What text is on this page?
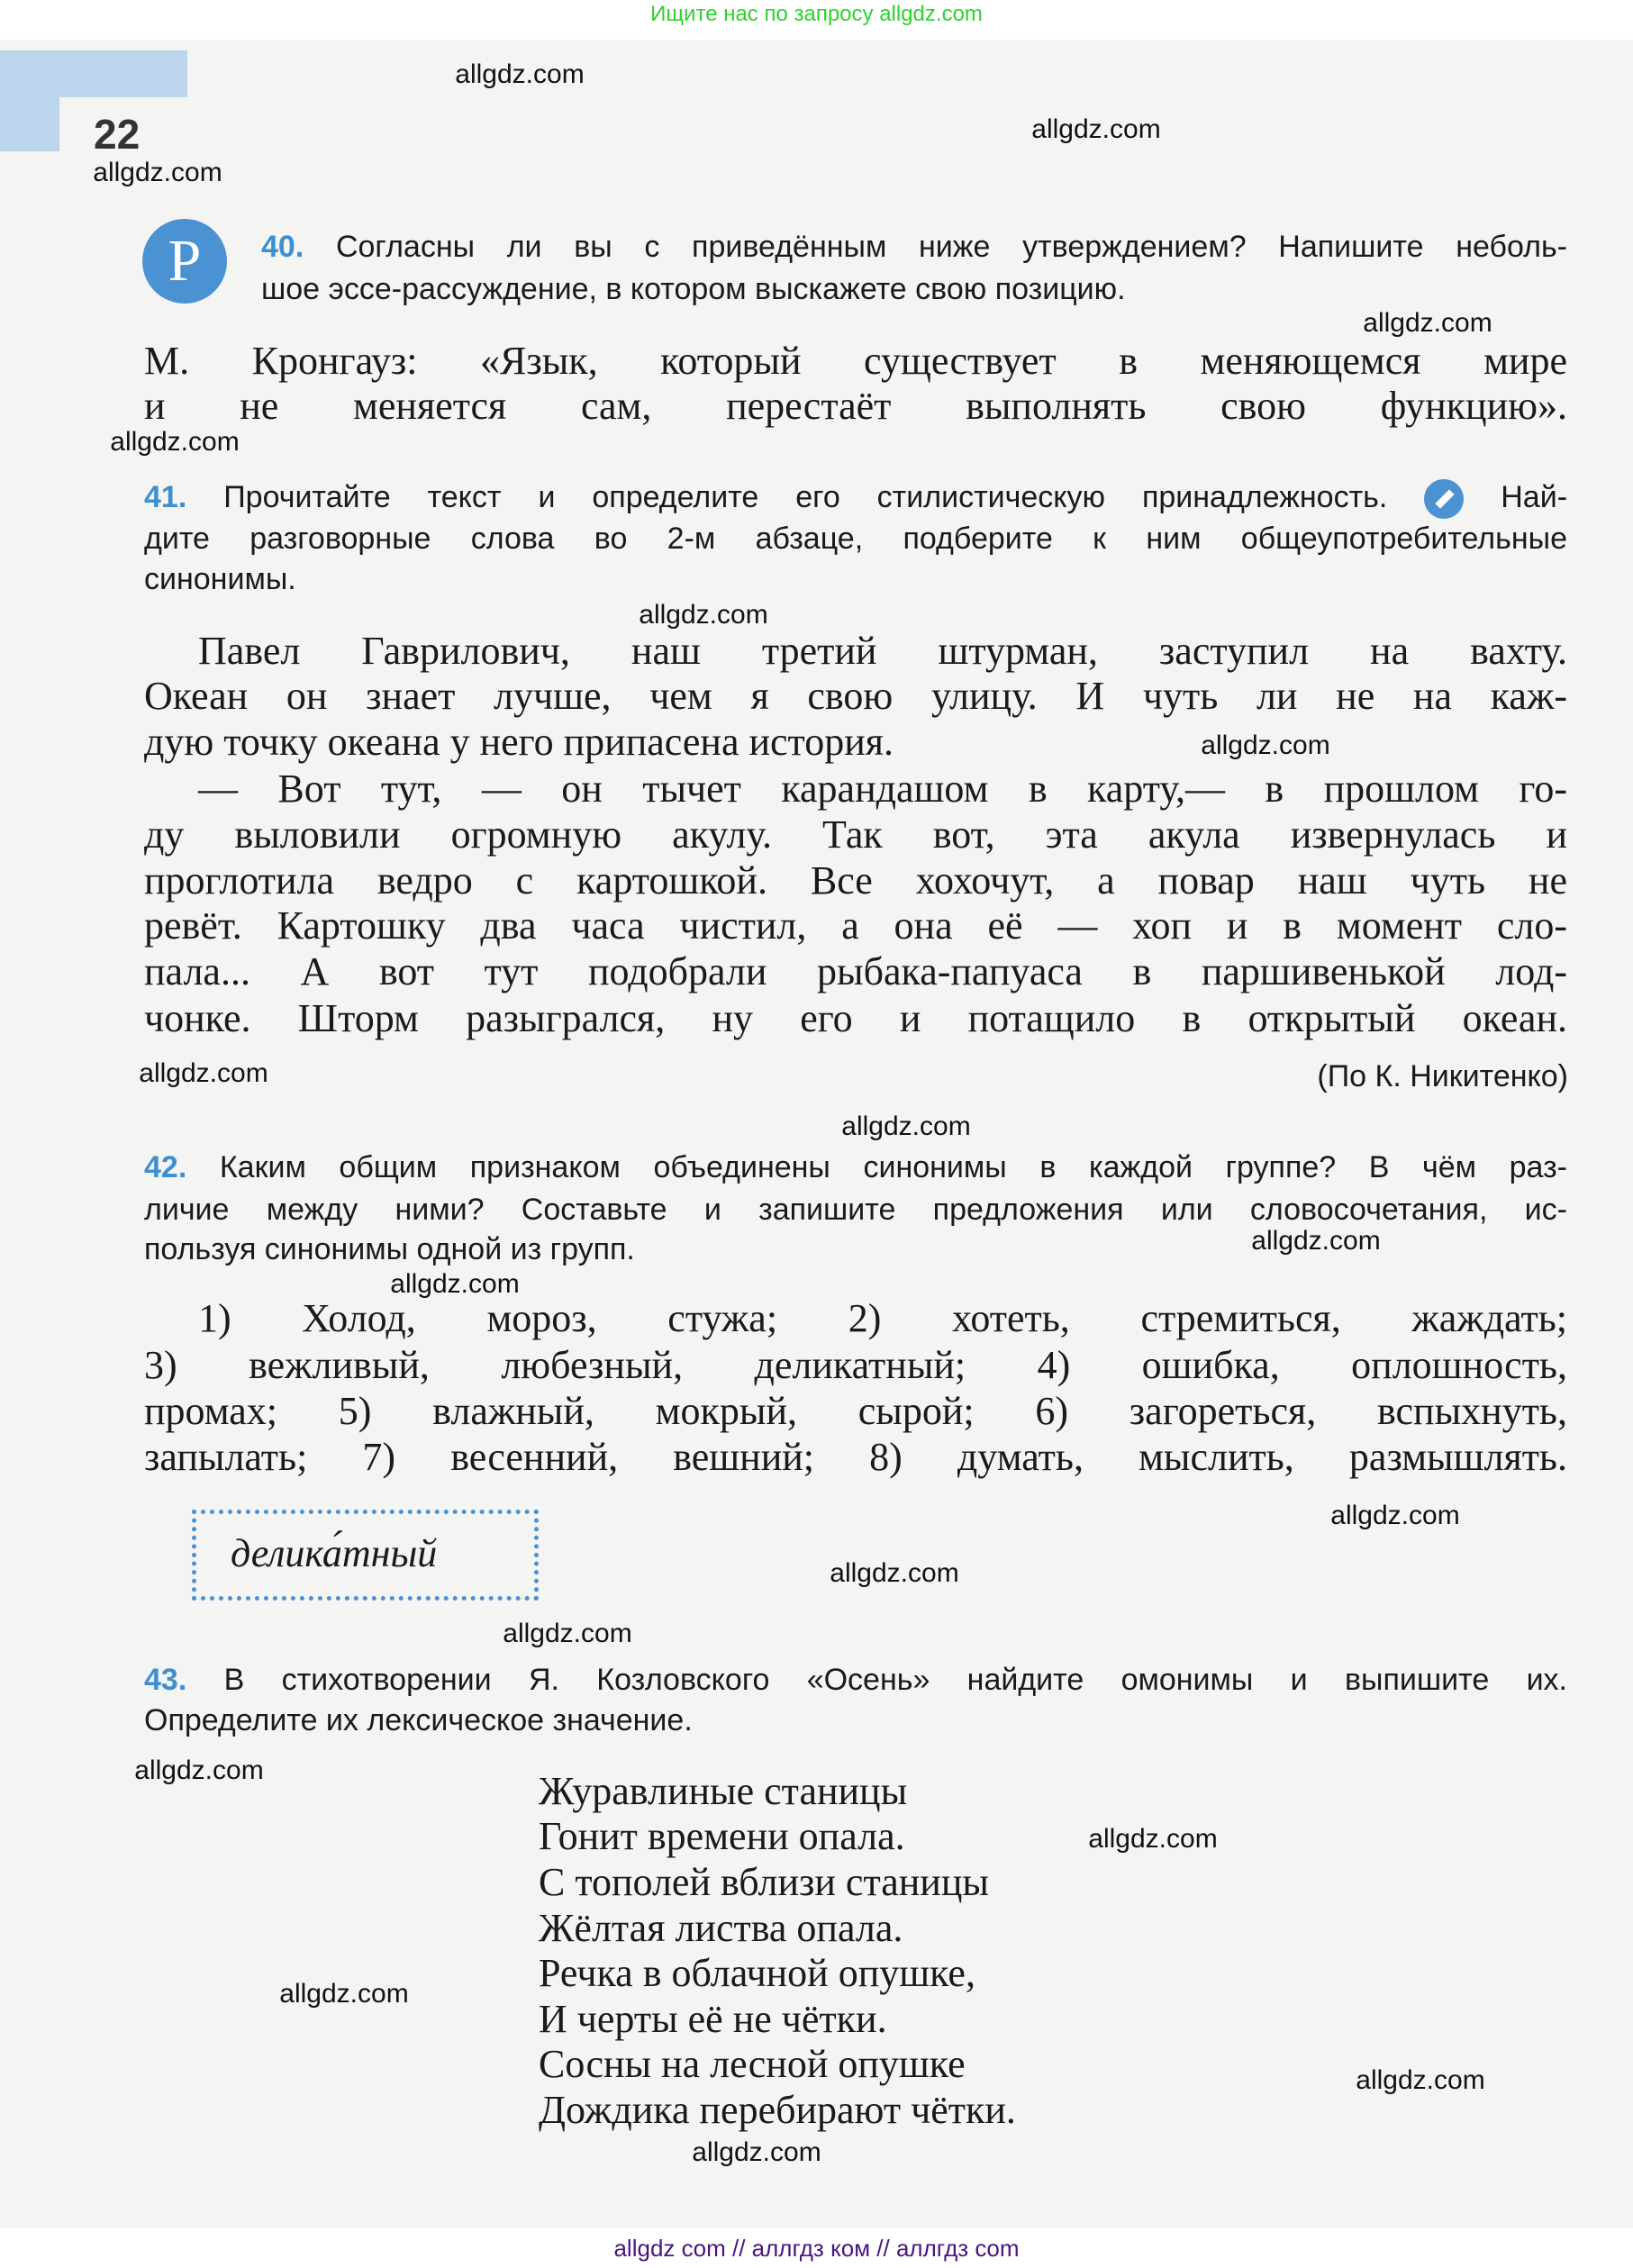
Ищите нас по запросу allgdz.com
22
Р	40. Согласны ли вы с приведённым ниже утверждением? Напишите неболь-
шое эссе-рассуждение, в котором выскажете свою позицию.
М. Кронгауз: «Язык, который существует в меняющемся мире
и не меняется сам, перестаёт выполнять свою функцию».
41. Прочитайте текст и определите его стилистическую принадлежность.	Най-
дите разговорные слова во 2-м абзаце, подберите к ним общеупотребительные
синонимы.
Павел Гаврилович, наш третий штурман, заступил на вахту.
Океан он знает лучше, чем я свою улицу. И чуть ли не на каж-
дую точку океана у него припасена история.
— Вот тут, — он тычет карандашом в карту,— в прошлом го-
ду выловили огромную акулу. Так вот, эта акула извернулась и
проглотила ведро с картошкой. Все хохочут, а повар наш чуть не
ревёт. Картошку два часа чистил, а она её — хоп и в момент сло-
пала... А вот тут подобрали рыбака-папуаса в паршивенькой лод-
чонке. Шторм разыгрался, ну его и потащило в открытый океан.
(По К. Никитенко)
42. Каким общим признаком объединены синонимы в каждой группе? В чём раз-
личие между ними? Составьте и запишите предложения или словосочетания, ис-
пользуя синонимы одной из групп.
1) Холод, мороз, стужа; 2) хотеть, стремиться, жаждать;
3) вежливый, любезный, деликатный; 4) ошибка, оплошность,
промах; 5) влажный, мокрый, сырой; 6) загореться, вспыхнуть,
запылать; 7) весенний, вешний; 8) думать, мыслить, размышлять.
делика́тный
43. В стихотворении Я. Козловского «Осень» найдите омонимы и выпишите их.
Определите их лексическое значение.
Журавлиные станицы
Гонит времени опала.
С тополей вблизи станицы
Жёлтая листва опала.
Речка в облачной опушке,
И черты её не чётки.
Сосны на лесной опушке
Дождика перебирают чётки.
allgdz.com
allgdz.com
allgdz.com
allgdz.com
allgdz.com
allgdz.com
allgdz.com
allgdz.com
allgdz.com
allgdz.com
allgdz.com
allgdz.com
allgdz.com
allgdz.com
allgdz.com
allgdz.com
allgdz.com
allgdz.com
allgdz.com
allgdz com // аллгдз ком // аллгдз com
